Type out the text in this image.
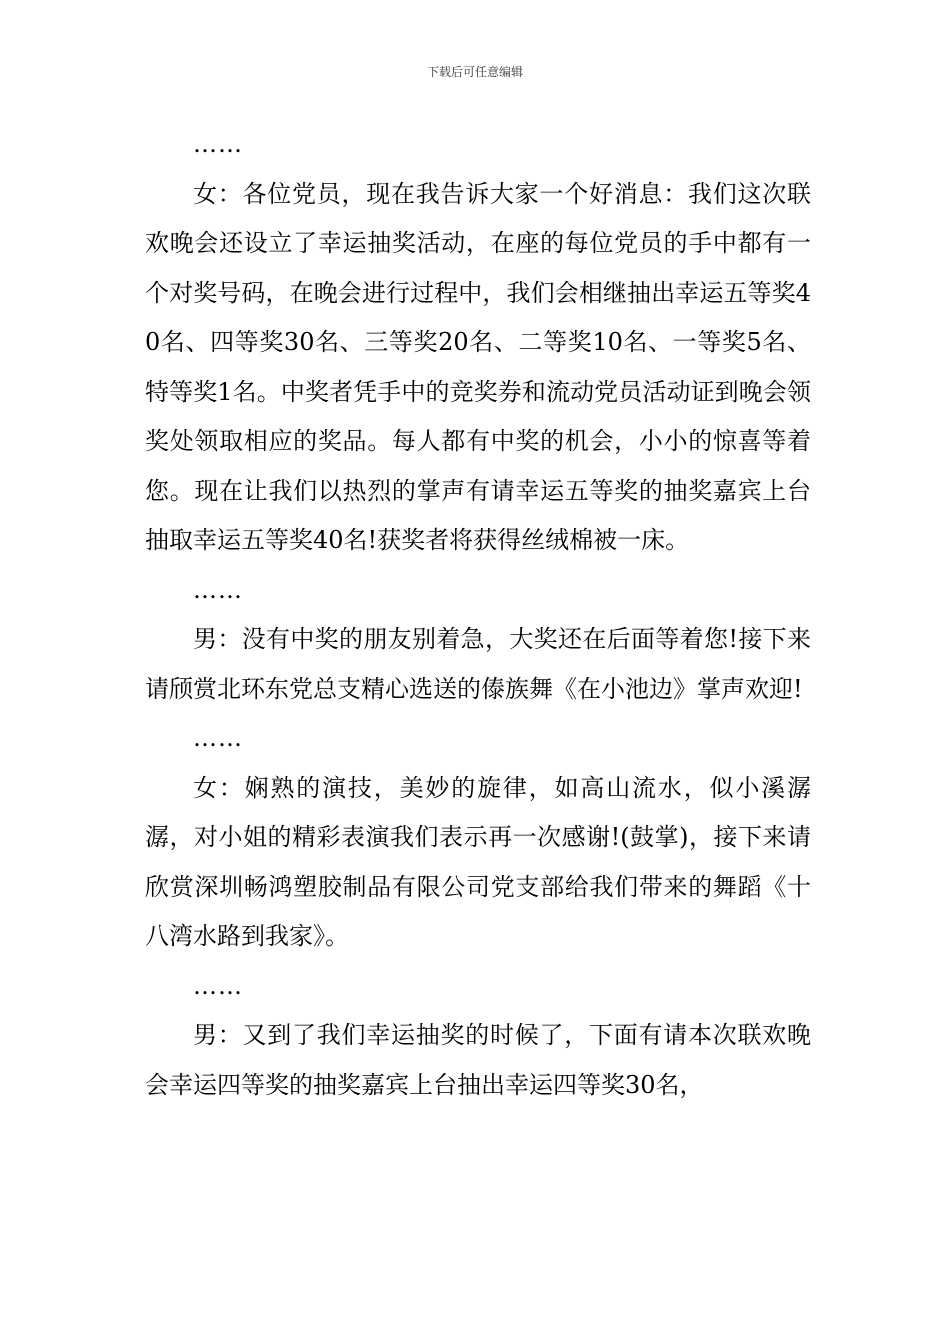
下载后可任意编辑

……

女：各位党员，现在我告诉大家一个好消息：我们这次联欢晚会还设立了幸运抽奖活动，在座的每位党员的手中都有一个对奖号码，在晚会进行过程中，我们会相继抽出幸运五等奖40名、四等奖30名、三等奖20名、二等奖10名、一等奖5名、特等奖1名。中奖者凭手中的竞奖券和流动党员活动证到晚会领奖处领取相应的奖品。每人都有中奖的机会，小小的惊喜等着您。现在让我们以热烈的掌声有请幸运五等奖的抽奖嘉宾上台抽取幸运五等奖40名!获奖者将获得丝绒棉被一床。

……

男：没有中奖的朋友别着急，大奖还在后面等着您!接下来请颀赏北环东党总支精心选送的傣族舞《在小池边》掌声欢迎!

……

女：娴熟的演技，美妙的旋律，如高山流水，似小溪潺潺，对小姐的精彩表演我们表示再一次感谢!(鼓掌)，接下来请欣赏深圳畅鸿塑胶制品有限公司党支部给我们带来的舞蹈《十八湾水路到我家》。

……

男：又到了我们幸运抽奖的时候了，下面有请本次联欢晚会幸运四等奖的抽奖嘉宾上台抽出幸运四等奖30名，
